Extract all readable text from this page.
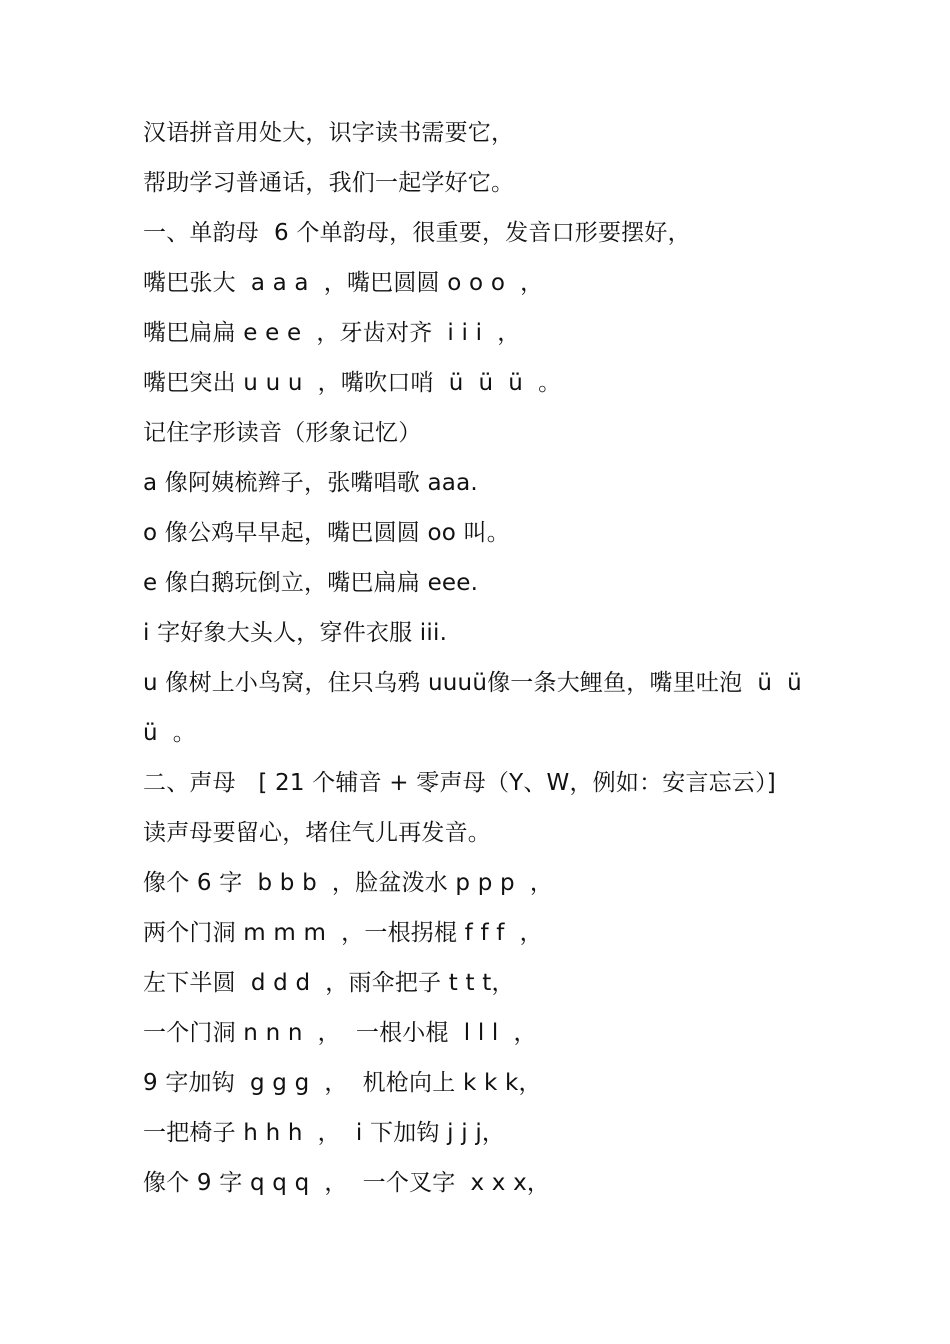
汉语拼音用处大，识字读书需要它，
帮助学习普通话，我们一起学好它。
一、单韵母  6 个单韵母，很重要，发音口形要摆好，
嘴巴张大  a a a  ，嘴巴圆圆 o o o  ，
嘴巴扁扁 e e e  ，牙齿对齐  i i i  ，
嘴巴突出 u u u  ，嘴吹口哨  ü  ü  ü  。
记住字形读音（形象记忆）
a 像阿姨梳辫子，张嘴唱歌 aaa.
o 像公鸡早早起，嘴巴圆圆 oo 叫。
e 像白鹅玩倒立，嘴巴扁扁 eee.
i 字好象大头人，穿件衣服 iii.
u 像树上小鸟窝，住只乌鸦 uuuü像一条大鲤鱼，嘴里吐泡  ü  ü
ü  。
二、声母   [ 21 个辅音 + 零声母（Y、W，例如：安言忘云）]
读声母要留心，堵住气儿再发音。
像个 6 字  b b b  ，脸盆泼水 p p p  ，
两个门洞 m m m  ，一根拐棍 f f f  ，
左下半圆  d d d  ，雨伞把子 t t t，
一个门洞 n n n  ，  一根小棍  l l l  ，
9 字加钩  g g g  ，  机枪向上 k k k，
一把椅子 h h h  ，  i 下加钩 j j j，
像个 9 字 q q q  ，  一个叉字  x x x，
